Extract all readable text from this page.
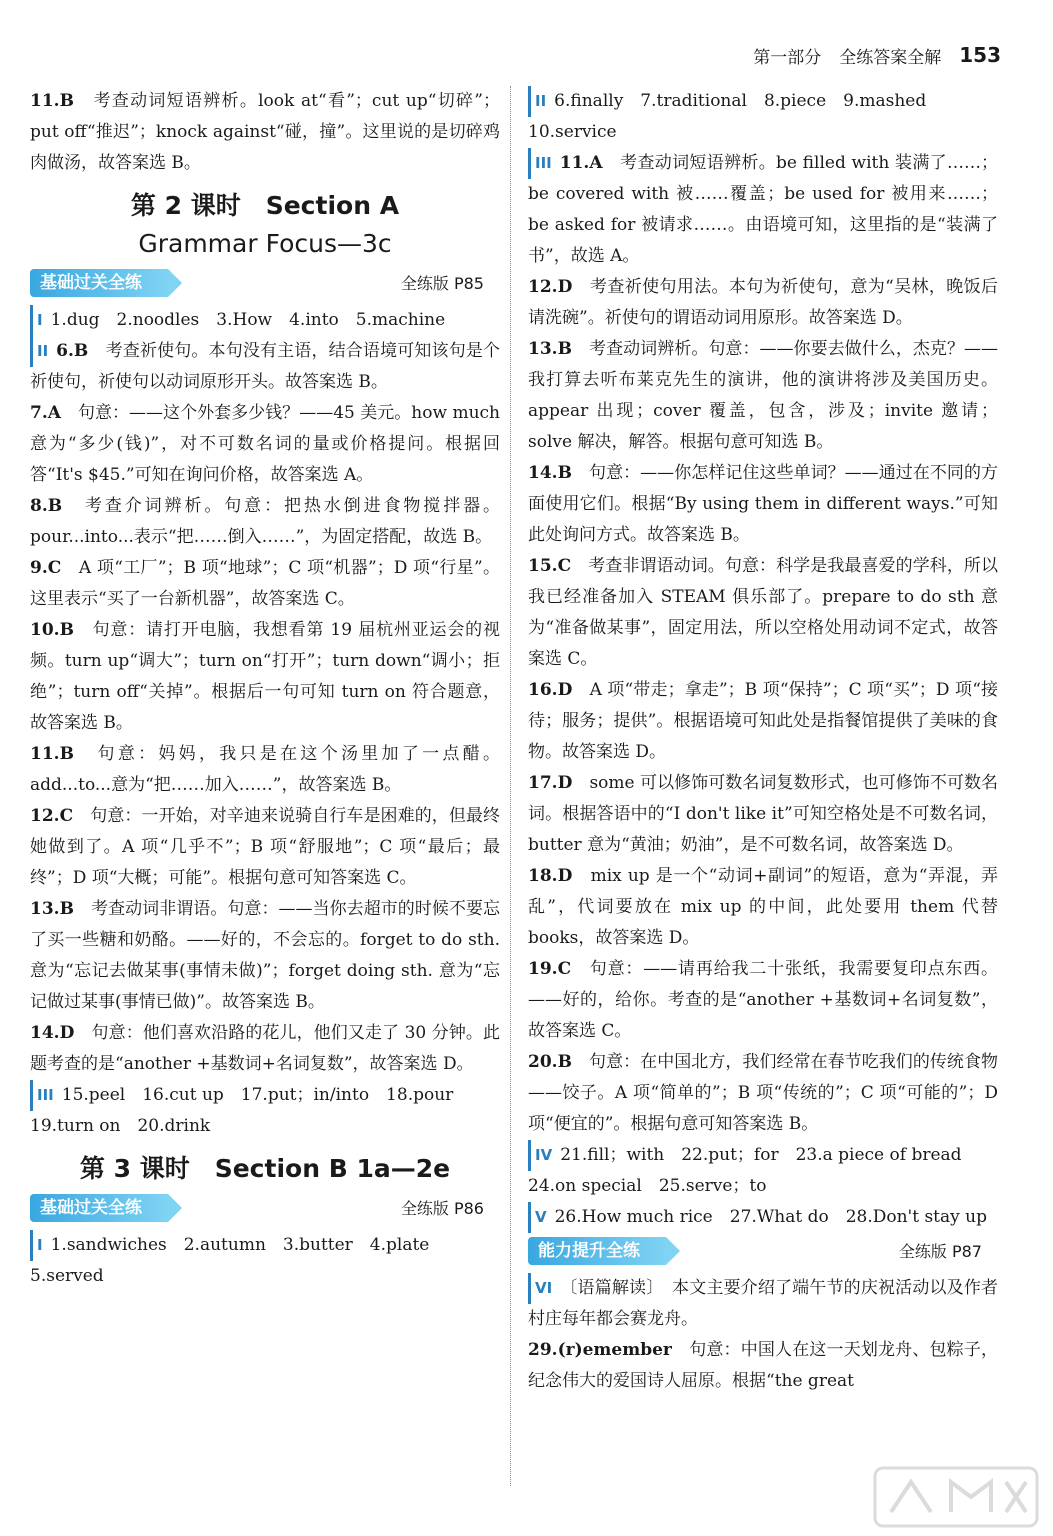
第一部分 全练答案全解 153

11.B　 考查动词短语辨析。look at“看”；cut up“切碎”；put off“推迟”；knock against“碰，撞”。这里说的是切碎鸡肉做汤，故答案选 B。

第 2 课时　Section A
Grammar Focus—3c
基础过关全练	全练版 P85

I 1.dug　2.noodles　3.How　4.into　5.machine

II 6.B　 考查祈使句。本句没有主语，结合语境可知该句是个祈使句，祈使句以动词原形开头。故答案选 B。

7.A　 句意：——这个外套多少钱？——45 美元。how much 意为“多少(钱)”，对不可数名词的量或价格提问。根据回答“It's $45.”可知在询问价格，故答案选 A。

8.B　 考查介词辨析。句意：把热水倒进食物搅拌器。pour...into...表示“把……倒入……”，为固定搭配，故选 B。

9.C　 A 项“工厂”；B 项“地球”；C 项“机器”；D 项“行星”。这里表示“买了一台新机器”，故答案选 C。

10.B　 句意：请打开电脑，我想看第 19 届杭州亚运会的视频。turn up“调大”；turn on“打开”；turn down“调小；拒绝”；turn off“关掉”。根据后一句可知 turn on 符合题意，故答案选 B。

11.B　 句意：妈妈，我只是在这个汤里加了一点醋。add...to...意为“把……加入……”，故答案选 B。

12.C　 句意：一开始，对辛迪来说骑自行车是困难的，但最终她做到了。A 项“几乎不”；B 项“舒服地”；C 项“最后；最终”；D 项“大概；可能”。根据句意可知答案选 C。

13.B　 考查动词非谓语。句意：——当你去超市的时候不要忘了买一些糖和奶酪。——好的，不会忘的。forget to do sth. 意为“忘记去做某事(事情未做)”；forget doing sth. 意为“忘记做过某事(事情已做)”。故答案选 B。

14.D　 句意：他们喜欢沿路的花儿，他们又走了 30 分钟。此题考查的是“another +基数词+名词复数”，故答案选 D。

III 15.peel　16.cut up　17.put；in/into　18.pour
19.turn on　20.drink

第 3 课时　Section B 1a—2e
基础过关全练	全练版 P86

I 1.sandwiches　2.autumn　3.butter　4.plate
5.served

II 6.finally　7.traditional　8.piece　9.mashed
10.service

III 11.A　 考查动词短语辨析。be filled with 装满了……；be covered with 被……覆盖；be used for 被用来……；be asked for 被请求……。由语境可知，这里指的是“装满了书”，故选 A。

12.D　 考查祈使句用法。本句为祈使句，意为“吴林，晚饭后请洗碗”。祈使句的谓语动词用原形。故答案选 D。

13.B　 考查动词辨析。句意：——你要去做什么，杰克？——我打算去听布莱克先生的演讲，他的演讲将涉及美国历史。appear 出现；cover 覆盖，包含，涉及；invite 邀请；solve 解决，解答。根据句意可知选 B。

14.B　 句意：——你怎样记住这些单词？——通过在不同的方面使用它们。根据“By using them in different ways.”可知此处询问方式。故答案选 B。

15.C　 考查非谓语动词。句意：科学是我最喜爱的学科，所以我已经准备加入 STEAM 俱乐部了。prepare to do sth 意为“准备做某事”，固定用法，所以空格处用动词不定式，故答案选 C。

16.D　 A 项“带走；拿走”；B 项“保持”；C 项“买”；D 项“接待；服务；提供”。根据语境可知此处是指餐馆提供了美味的食物。故答案选 D。

17.D　 some 可以修饰可数名词复数形式，也可修饰不可数名词。根据答语中的“I don't like it”可知空格处是不可数名词，butter 意为“黄油；奶油”，是不可数名词，故答案选 D。

18.D　 mix up 是一个“动词+副词”的短语，意为“弄混，弄乱”，代词要放在 mix up 的中间，此处要用 them 代替 books，故答案选 D。

19.C　 句意：——请再给我二十张纸，我需要复印点东西。——好的，给你。考查的是“another +基数词+名词复数”，故答案选 C。

20.B　 句意：在中国北方，我们经常在春节吃我们的传统食物——饺子。A 项“简单的”；B 项“传统的”；C 项“可能的”；D 项“便宜的”。根据句意可知答案选 B。

IV 21.fill；with　22.put；for　23.a piece of bread
24.on special　25.serve；to

V 26.How much rice　27.What do　28.Don't stay up

能力提升全练	全练版 P87

VI 〔语篇解读〕　本文主要介绍了端午节的庆祝活动以及作者村庄每年都会赛龙舟。

29.(r)emember　 句意：中国人在这一天划龙舟、包粽子，纪念伟大的爱国诗人屈原。根据“the great
